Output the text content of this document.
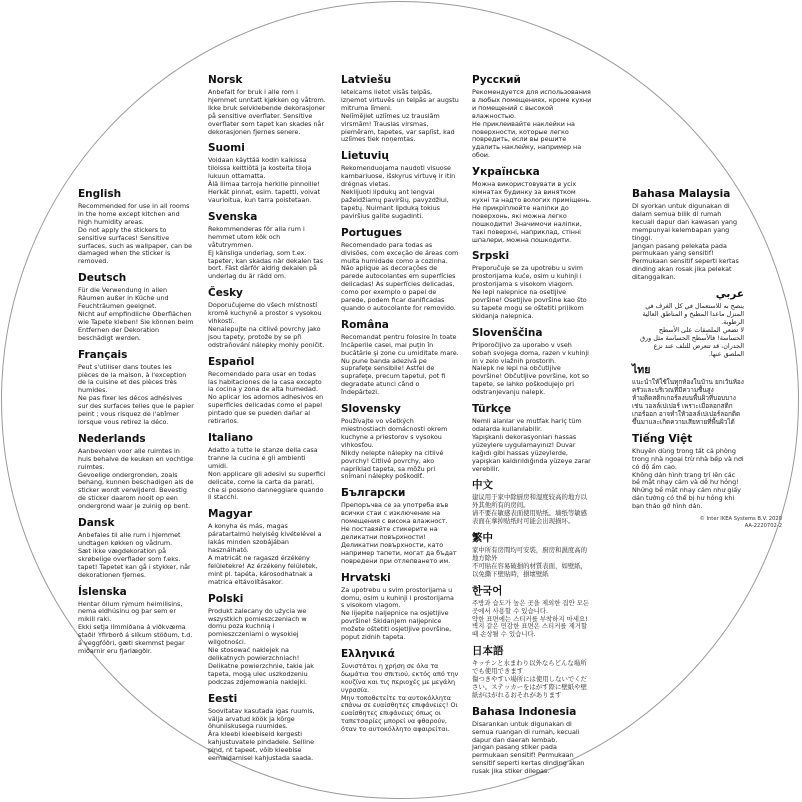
English
Recommended for use in all rooms in the home except kitchen and high humidity areas.
Do not apply the stickers to sensitive surfaces! Sensitive surfaces, such as wallpaper, can be damaged when the sticker is removed.
Deutsch
Für die Verwendung in allen Räumen außer in Küche und Feuchträumen geeignet.
Nicht auf empfindliche Oberflächen wie Tapete kleben! Sie können beim Entfernen der Dekoration beschädigt werden.
Français
Peut s'utiliser dans toutes les pièces de la maison, à l'exception de la cuisine et des pièces très humides.
Ne pas fixer les décos adhésives sur des surfaces telles que le papier peint ; vous risquez de l'abîmer lorsque vous retirez la déco.
Nederlands
Aanbevolen voor alle ruimtes in huis behalve de keuken en vochtige ruimtes.
Gevoelige ondergronden, zoals behang, kunnen beschadigen als de sticker wordt verwijderd. Bevestig de sticker daarom nooit op een ondergrond waar je zuinig op bent.
Dansk
Anbefales til alle rum i hjemmet undtagen køkken og vådrum.
Sæt ikke vægdekoration på skrøbelige overflader som f.eks. tapet! Tapetet kan gå i stykker, når dekorationen fjernes.
Íslenska
Hentar öllum rýmum heimilisins, nema eldhúsinu og þar sem er mikill raki.
Ekki setja límmiðana á viðkvæma staði! Yfirborð á slíkum stöðum, t.d. á veggfóðri, gæti skemmst þegar miðarnir eru fjarlægðir.
Norsk
Anbefalt for bruk i alle rom i hjemmet unntatt kjøkken og våtrom.
Ikke bruk selvklebende dekorasjoner på sensitive overflater. Sensitive overflater som tapet kan skades når dekorasjonen fjernes senere.
Suomi
Voidaan käyttää kodin kaikissa tiloissa keittiötä ja kosteita tiloja lukuun ottamatta.
Älä liimaa tarroja herkille pinnoille! Herkät pinnat, esim. tapetti, voivat vaurioitua, kun tarra poistetaan.
Svenska
Rekommenderas för alla rum i hemmet utom kök och våtutrymmen.
Ej känsliga underlag, som t.ex. tapeter, kan skadas när dekalen tas bort. Fäst därför aldrig dekalen på underlag du är rädd om.
Česky
Doporučujeme do všech místností kromě kuchyně a prostor s vysokou vlhkostí.
Nenalepujte na citlivé povrchy jako jsou tapety, protože by se při odstraňování nálepky mohly poničit.
Español
Recomendado para usar en todas las habitaciones de la casa excepto la cocina y zona de alta humedad.
No aplicar los adornos adhesivos en superficies delicadas como el papel pintado que se pueden dañar al retirarlos.
Italiano
Adatto a tutte le stanze della casa tranne la cucina e gli ambienti umidi.
Non applicare gli adesivi su superfici delicate, come la carta da parati, che si possono danneggiare quando li stacchi.
Magyar
A konyha és más, magas páratartalmú helyiség kivételével a lakás minden szobájában használható.
A matricát ne ragaszd érzékeny felületekre! Az érzékeny felületek, mint pl. tapéta, károsodhatnak a matrica eltávolításakor.
Polski
Produkt zalecany do użycia we wszystkich pomieszczeniach w domu poza kuchnią i pomieszczeniami o wysokiej wilgotności.
Nie stosować naklejek na delikatnych powierzchniach! Delikatne powierzchnie, takie jak tapeta, mogą ulec uszkodzeniu podczas zdjemowania naklejki.
Eesti
Soovitatav kasutada igas ruumis, välja arvatud köök ja kõrge õhuniiskusega ruumides.
Ära kleebi kleebiseid kergesti kahjustuvatele pindadele. Selline pind, nt tapeet, võib kleebise eemaldamisel kahjustada saada.
Latviešu
Ieteicams lietot visās telpās, izņemot virtuvēs un telpās ar augstu mitruma līmeni.
Nelīmējiet uzlīmes uz trauslām virsmām! Trauslas virsmas, piemēram, tapetes, var saplīst, kad uzlīmes tiek noņemtas.
Lietuvių
Rekomenduojama naudoti visuose kambariuose, išskyrus virtuvę ir itin drėgnas vietas.
Neklijuoti lipdukų ant lengvai pažeidžiamų paviršių, pavyzdžiui, tapetų. Nuimant lipduką tokius paviršius galite sugadinti.
Portugues
Recomendado para todas as divisões, com exceção de áreas com muita humidade como a cozinha.
Não aplique as decorações de parede autocolantes em superfícies delicadas! As superfícies delicadas, como por exemplo o papel de parede, podem ficar danificadas quando o autocolante for removido.
Româna
Recomandat pentru folosire în toate încăperile casei, mai puţin în bucătărie şi zone cu umiditate mare.
Nu pune banda adezivă pe suprafeţe sensibile! Astfel de suprafeţe, precum tapetul, pot fi degradate atunci când o îndepărtezi.
Slovensky
Používajte vo všetkých miestnostiach domácnosti okrem kuchyne a priestorov s vysokou vlhkosťou.
Nikdy nelepte nálepky na citlivé povrchy! Citlivé povrchy, ako napríklad tapeta, sa môžu pri snímaní nálepky poškodiť.
Български
Препоръчва се за употреба във всички стаи с изключение на помещения с висока влажност.
Не поставяйте стикерите на деликатни повърхности! Деликатни повърхности, като например тапети, могат да бъдат повредени при отлепването им.
Hrvatski
Za upotrebu u svim prostorijama u domu, osim u kuhinji i prostorijama s visokom vlagom.
Ne lijepite naljepnice na osjetljive površine! Skidanjem naljepnice možete oštetiti osjetljive površine, poput zidnih tapeta.
Ελληνικά
Συνιστάται η χρήση σε όλα τα δωμάτια του σπιτιού, εκτός από την κουζίνα και τις περιοχές με μεγάλη υγρασία.
Μην τοποθετείτε τα αυτοκόλλητα επάνω σε ευαίσθητες επιφάνειες! Οι ευαίσθητες επιφάνειες όπως οι ταπετσαρίες μπορεί να φθαρούν, όταν το αυτοκόλλητο αφαιρείται.
Русский
Рекомендуется для использования в любых помещениях, кроме кухни и помещений с высокой влажностью.
Не приклеивайте наклейки на поверхности, которые легко повредить, если вы решите удалить наклейку, например на обои.
Українська
Можна використовувати в усіх кімнатах будинку за винятком кухні та надто вологих приміщень.
Не прикріплюйте наліпки до поверхонь, які можна легко пошкодити! Значимочи наліпки, такі поверхні, наприклад, стінні шпалери, можна пошкодити.
Srpski
Preporučuje se za upotrebu u svim prostorijama kuće, osim u kuhinji i prostorijama s visokom vlagom.
Ne lepi nalepnice na osetljive površine! Osetljive površine kao što su tapete mogu se oštetiti prilikom skidanja nalepnica.
Slovenščina
Priporočljivo za uporabo v vseh sobah svojega doma, razen v kuhinji in v zelo vlažnih prostorih.
Nalepk ne lepi na občutljive površine! Občutljive površine, kot so tapete, se lahko poškodujejo pri odstranjevanju nalepk.
Türkçe
Nemli alanlar ve mutfak hariç tüm odalarda kullanılabilir.
Yapışkanlı dekorasyonları hassas yüzeylere uygulamayınız! Duvar kağıdı gibi hassas yüzeylerde, yapışkan kaldırıldığında yüzeye zarar verebilir.
中文
建议用于家中除厨房和湿度较高的地方以外其他所有的房间。
请不要在敏感表面使用贴纸。墙纸等敏感表面在拿掉贴纸时可能会出现损坏。
繁中
家中所有房間均可安裝，廚房和濕度高的地方除外
不可貼在容易破損的材質表面，如壁紙，以免撕下壁貼時，損壞壁紙
한국어
주방과 습도가 높은 곳을 제외한 집안 모든 곳에서 사용할 수 있습니다.
약한 표면에는 스티커를 부착하지 마세요! 벽지 같은 민감한 표면은 스티커를 제거할 때 손상될 수 있습니다.
日本語
キッチンと水まわり以外ならどんな場所でも使用できます
傷つきやすい場所には使用しないでください。ステッカーをはがす際に壁紙や壁紙がはがれるおそれがあります
Bahasa Indonesia
Disarankan untuk digunakan di semua ruangan di rumah, kecuali dapur dan daerah lembab.
Jangan pasang stiker pada permukaan sensitif! Permukaan sensitif seperti kertas dinding akan rusak jika stiker dilepas.
Bahasa Malaysia
Di syorkan untuk digunakan di dalam semua bilik di rumah kecuali dapur dan kawasan yang mempunyai kelembapan yang tinggi.
Jangan pasang pelekata pada permukaan yang sensitif! Permukaan sensitif seperti kertas dinding akan rosak jika pelekat ditanggalkan.
عربي
ينصح به للاستعمال في كل الغرف في المنزل ماعدا المطبخ و المناطق العالية الرطوبة.
لا تضعي الملصقات على الأسطح الحساسة! فالأسطح الحساسة مثل ورق الجدران، قد تتعرض للتلف عند نزع الملصق عنها.
ไทย
แนะนำให้ใช้ในทุกห้องในบ้าน ยกเว้นห้องครัวและบริเวณที่มีความชื้นสูง
ห้ามติดสติกเกอร์ลงบนพื้นผิวที่บอบบาง เช่น วอลล์เปเปอร์ เพราะเมื่อลอกสติกเกอร์ออก อาจทำให้วอลล์เปเปอร์ลอกติดขึ้นมาและเกิดความเสียหายที่พื้นผิวได้
Tiếng Việt
Khuyên dùng trong tất cả phòng trong nhà ngoại trừ nhà bếp và nơi có độ ẩm cao.
Không dán hình trang trí lên các bề mặt nhạy cảm và dễ hư hỏng! Những bề mặt nhạy cảm như giấy dán tường có thể bị hư hỏng khi bạn tháo gỡ hình dán.
© Inter IKEA Systems B.V. 2020
AA-2220702-2
